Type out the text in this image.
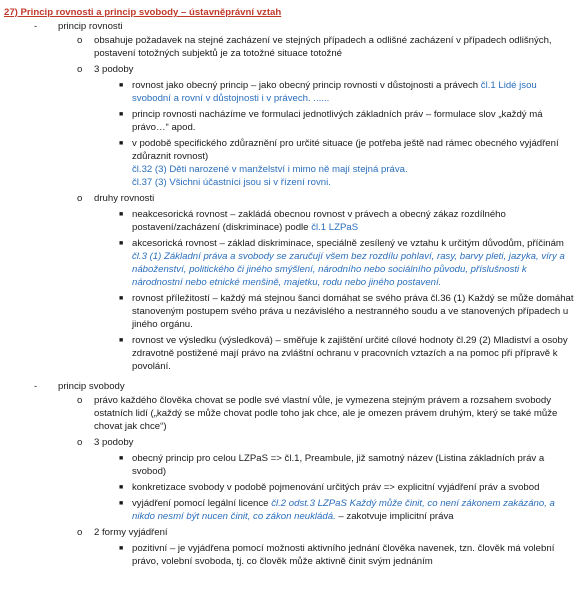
27) Princip rovnosti a princip svobody – ústavněprávní vztah
-
princip rovnosti
o
obsahuje požadavek na stejné zacházení ve stejných případech a odlišné zacházení v případech odlišných, postavení totožných subjektů je za totožné situace totožné
o
3 podoby
■
rovnost jako obecný princip – jako obecný princip rovnosti v důstojnosti a právech čl.1 Lidé jsou svobodní a rovní v důstojnosti i v právech. ......
■
princip rovnosti nacházíme ve formulaci jednotlivých základních práv – formulace slov „každý má právo…“ apod.
■
v podobě specifického zdůraznění pro určité situace (je potřeba ještě nad rámec obecného vyjádření zdůraznit rovnost)
čl.32 (3) Děti narozené v manželství i mimo ně mají stejná práva.
čl.37 (3) Všichni účastníci jsou si v řízení rovni.
o
druhy rovnosti
■
neakcesorická rovnost – zakládá obecnou rovnost v právech a obecný zákaz rozdílného postavení/zacházení (diskriminace) podle čl.1 LZPaS
■
akcesorická rovnost – základ diskriminace, speciálně zesílený ve vztahu k určitým důvodům, příčinám čl.3 (1) Základní práva a svobody se zaručují všem bez rozdílu pohlaví, rasy, barvy pleti, jazyka, víry a náboženství, politického či jiného smýšlení, národního nebo sociálního původu, příslušnosti k národnostní nebo etnické menšině, majetku, rodu nebo jiného postavení.
■
rovnost příležitostí – každý má stejnou šanci domáhat se svého práva čl.36 (1) Každý se může domáhat stanoveným postupem svého práva u nezávislého a nestranného soudu a ve stanovených případech u jiného orgánu.
■
rovnost ve výsledku (výsledková) – směřuje k zajištění určité cílové hodnoty čl.29 (2) Mladiství a osoby zdravotně postižené mají právo na zvláštní ochranu v pracovních vztazích a na pomoc při přípravě k povolání.
-
princip svobody
o
právo každého člověka chovat se podle své vlastní vůle, je vymezena stejným právem a rozsahem svobody ostatních lidí („každý se může chovat podle toho jak chce, ale je omezen právem druhým, který se také může chovat jak chce“)
o
3 podoby
■
obecný princip pro celou LZPaS => čl.1, Preambule, již samotný název (Listina základních práv a svobod)
■
konkretizace svobody v podobě pojmenování určitých práv => explicitní vyjádření práv a svobod
■
vyjádření pomocí legální licence čl.2 odst.3 LZPaS Každý může činit, co není zákonem zakázáno, a nikdo nesmí být nucen činit, co zákon neukládá. – zakotvuje implicitní práva
o
2 formy vyjádření
■
pozitivní – je vyjádřena pomocí možnosti aktivního jednání člověka navenek, tzn. člověk má volební právo, volební svoboda, tj. co člověk může aktivně činit svým jednáním
